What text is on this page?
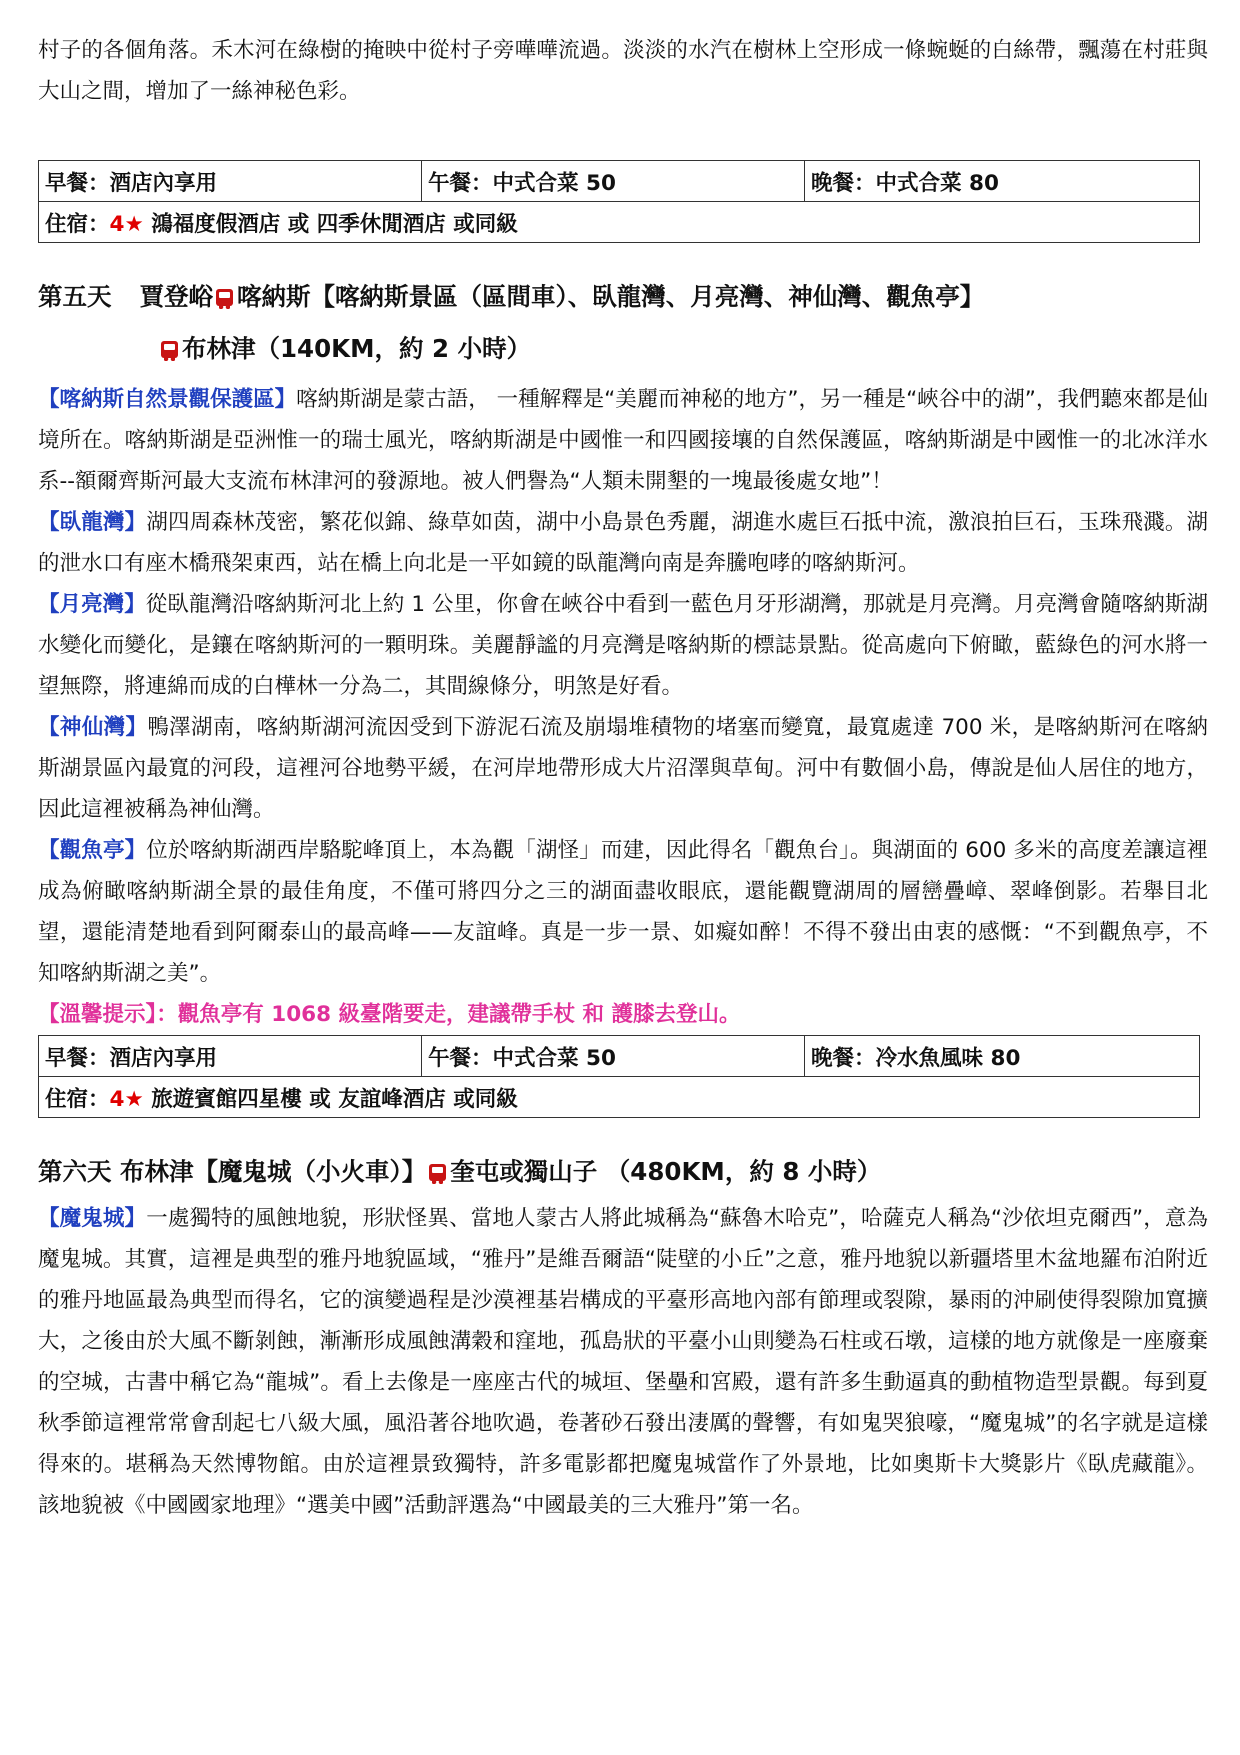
村子的各個角落。禾木河在綠樹的掩映中從村子旁嘩嘩流過。淡淡的水汽在樹林上空形成一條蜿蜒的白絲帶，飄蕩在村莊與大山之間，增加了一絲神秘色彩。

早餐：酒店內享用	午餐：中式合菜 50	晚餐：中式合菜 80
住宿：4★ 鴻福度假酒店 或 四季休閒酒店 或同級

第五天 賈登峪 喀納斯【喀納斯景區（區間車）、臥龍灣、月亮灣、神仙灣、觀魚亭】

布林津（140KM，約 2 小時）

【喀納斯自然景觀保護區】喀納斯湖是蒙古語， 一種解釋是“美麗而神秘的地方”，另一種是“峽谷中的湖”，我們聽來都是仙境所在。喀納斯湖是亞洲惟一的瑞士風光，喀納斯湖是中國惟一和四國接壤的自然保護區，喀納斯湖是中國惟一的北冰洋水系--額爾齊斯河最大支流布林津河的發源地。被人們譽為“人類未開墾的一塊最後處女地”！

【臥龍灣】湖四周森林茂密，繁花似錦、綠草如茵，湖中小島景色秀麗，湖進水處巨石抵中流，激浪拍巨石，玉珠飛濺。湖的泄水口有座木橋飛架東西，站在橋上向北是一平如鏡的臥龍灣向南是奔騰咆哮的喀納斯河。

【月亮灣】從臥龍灣沿喀納斯河北上約 1 公里，你會在峽谷中看到一藍色月牙形湖灣，那就是月亮灣。月亮灣會隨喀納斯湖水變化而變化，是鑲在喀納斯河的一顆明珠。美麗靜謐的月亮灣是喀納斯的標誌景點。從高處向下俯瞰，藍綠色的河水將一望無際，將連綿而成的白樺林一分為二，其間線條分，明煞是好看。

【神仙灣】鴨澤湖南，喀納斯湖河流因受到下游泥石流及崩塌堆積物的堵塞而變寬，最寬處達 700 米，是喀納斯河在喀納斯湖景區內最寬的河段，這裡河谷地勢平緩，在河岸地帶形成大片沼澤與草甸。河中有數個小島，傳說是仙人居住的地方，因此這裡被稱為神仙灣。

【觀魚亭】位於喀納斯湖西岸駱駝峰頂上，本為觀「湖怪」而建，因此得名「觀魚台」。與湖面的 600 多米的高度差讓這裡成為俯瞰喀納斯湖全景的最佳角度，不僅可將四分之三的湖面盡收眼底，還能觀覽湖周的層巒疊嶂、翠峰倒影。若舉目北望，還能清楚地看到阿爾泰山的最高峰——友誼峰。真是一步一景、如癡如醉！不得不發出由衷的感慨：“不到觀魚亭，不知喀納斯湖之美”。

【溫馨提示】：觀魚亭有 1068 級臺階要走，建議帶手杖 和 護膝去登山。

早餐：酒店內享用	午餐：中式合菜 50	晚餐：冷水魚風味 80
住宿：4★ 旅遊賓館四星樓 或 友誼峰酒店 或同級

第六天 布林津【魔鬼城（小火車）】 奎屯或獨山子 （480KM，約 8 小時）

【魔鬼城】一處獨特的風蝕地貌，形狀怪異、當地人蒙古人將此城稱為“蘇魯木哈克”，哈薩克人稱為“沙依坦克爾西”，意為魔鬼城。其實，這裡是典型的雅丹地貌區域，“雅丹”是維吾爾語“陡壁的小丘”之意，雅丹地貌以新疆塔里木盆地羅布泊附近的雅丹地區最為典型而得名，它的演變過程是沙漠裡基岩構成的平臺形高地內部有節理或裂隙，暴雨的沖刷使得裂隙加寬擴大，之後由於大風不斷剝蝕，漸漸形成風蝕溝穀和窪地，孤島狀的平臺小山則變為石柱或石墩，這樣的地方就像是一座廢棄的空城，古書中稱它為“龍城”。看上去像是一座座古代的城垣、堡壘和宮殿，還有許多生動逼真的動植物造型景觀。每到夏秋季節這裡常常會刮起七八級大風，風沿著谷地吹過，卷著砂石發出淒厲的聲響，有如鬼哭狼嚎，“魔鬼城”的名字就是這樣得來的。堪稱為天然博物館。由於這裡景致獨特，許多電影都把魔鬼城當作了外景地，比如奧斯卡大獎影片《臥虎藏龍》。該地貌被《中國國家地理》“選美中國”活動評選為“中國最美的三大雅丹”第一名。
